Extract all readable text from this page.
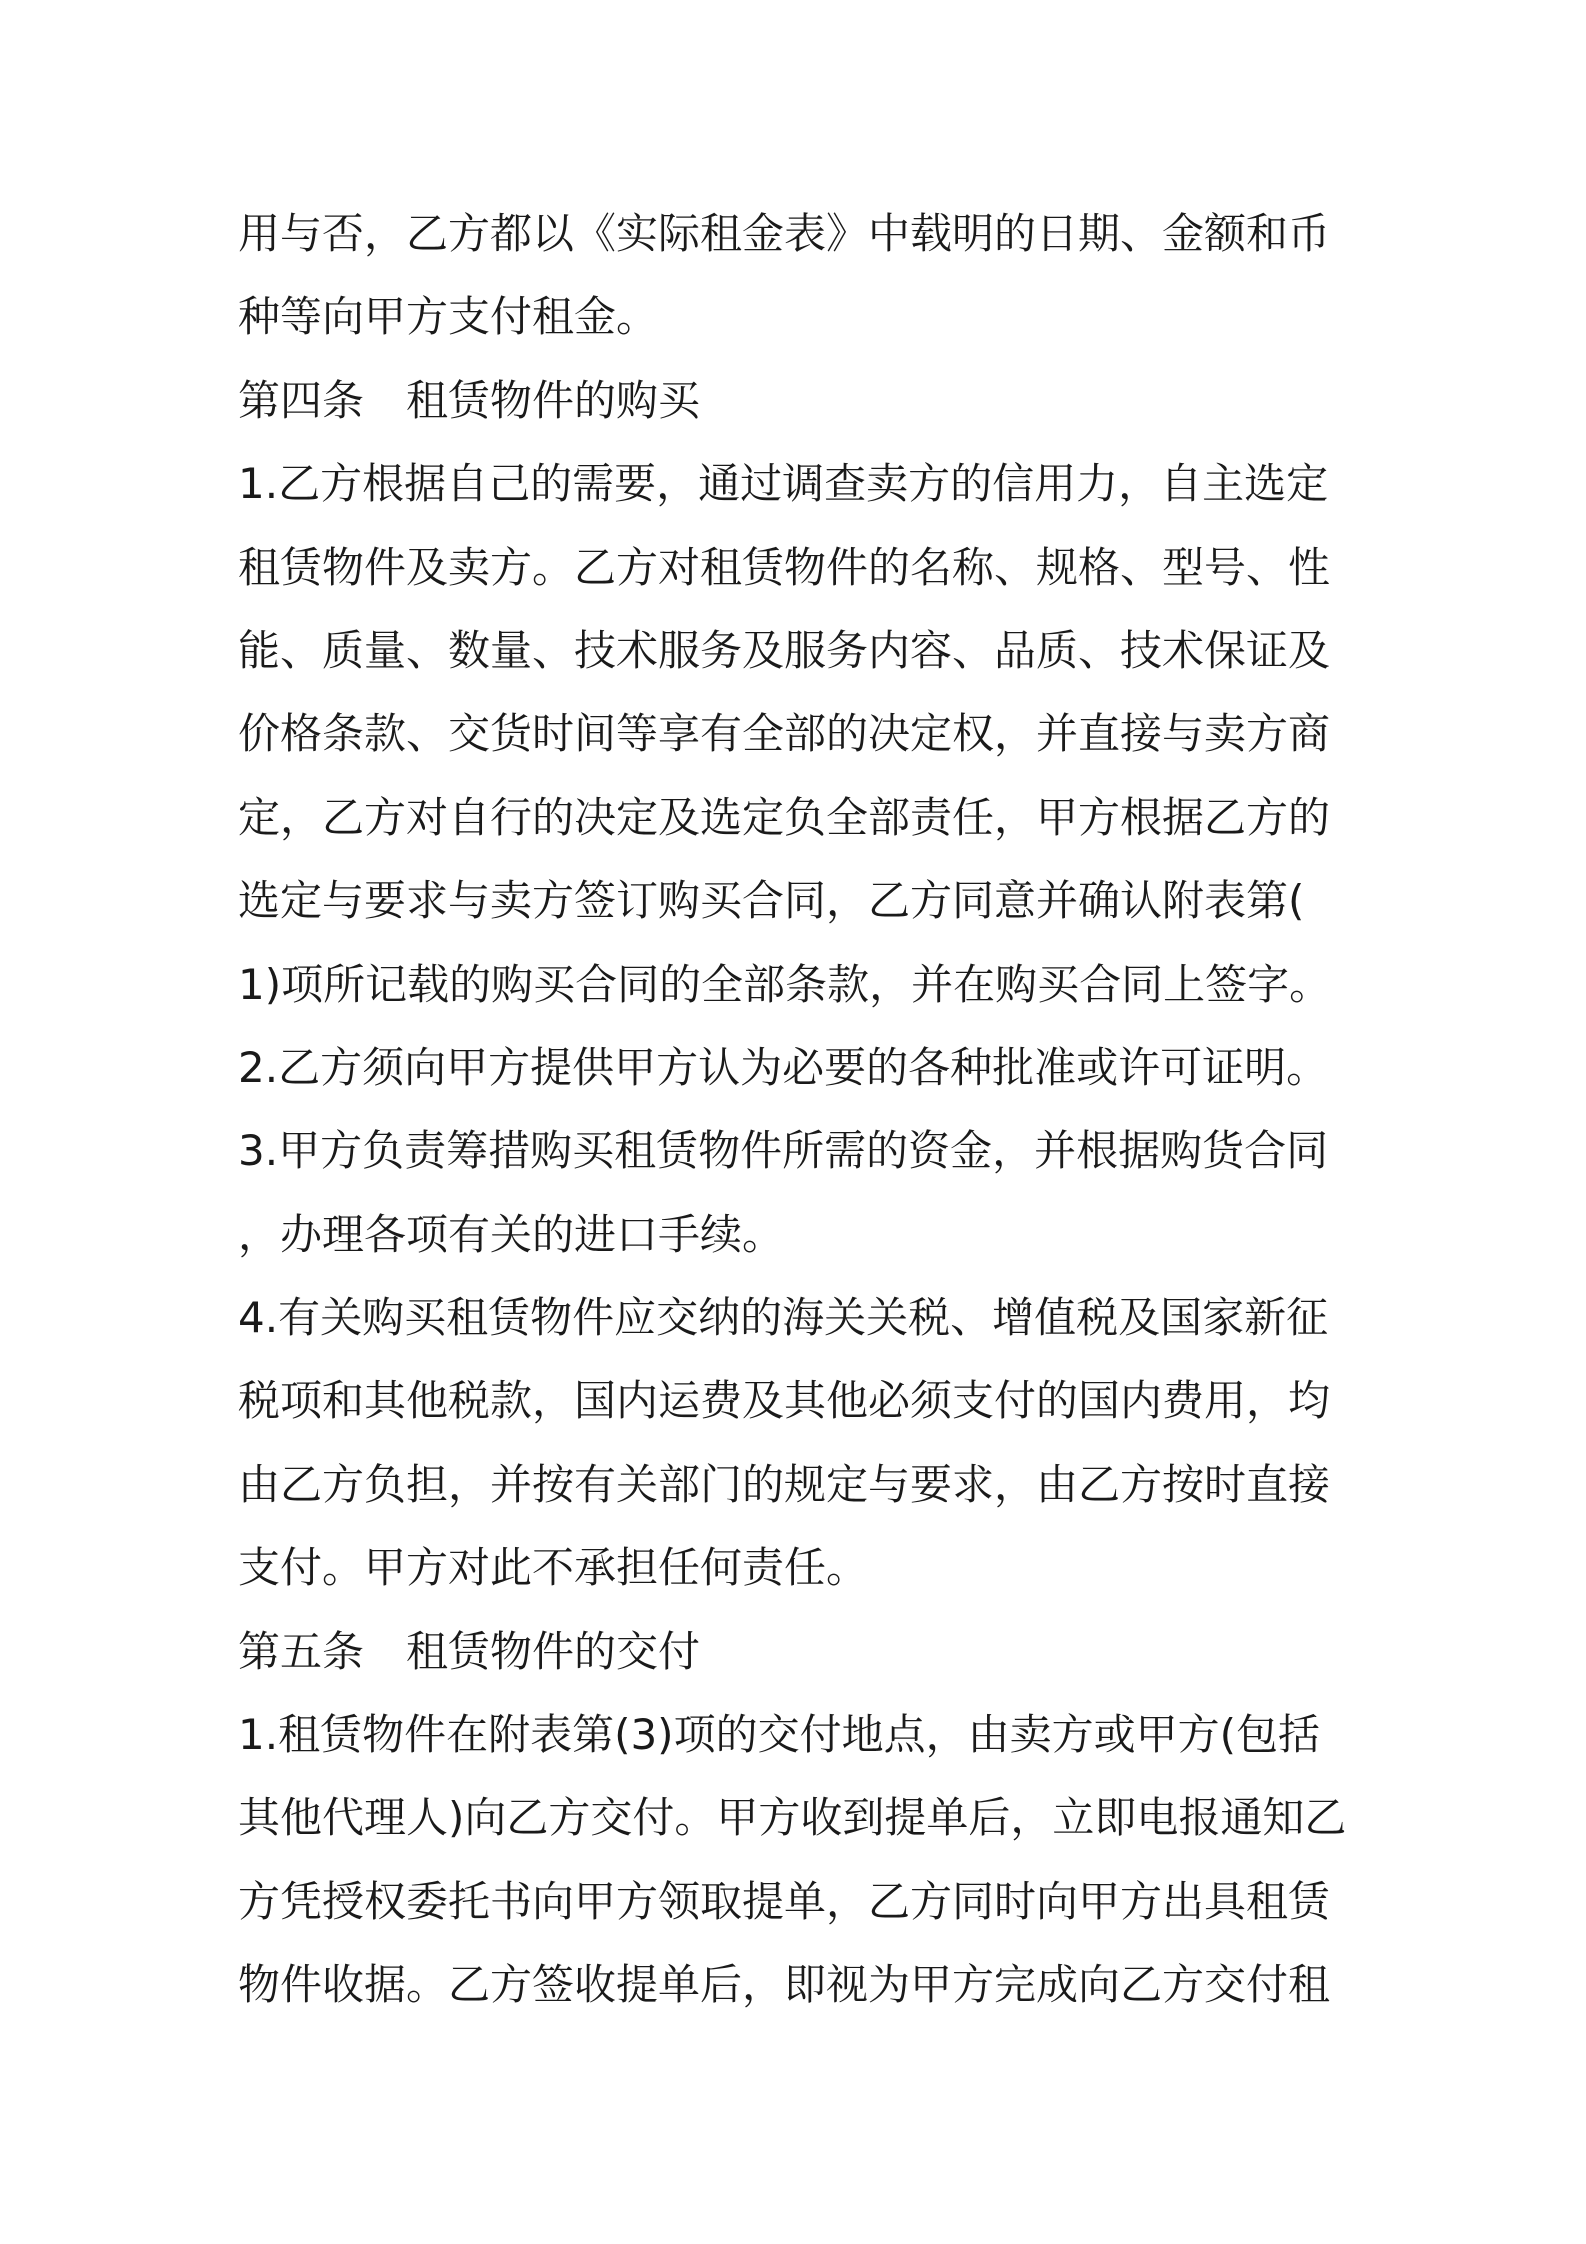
用与否，乙方都以《实际租金表》中载明的日期、金额和币
种等向甲方支付租金。
第四条　租赁物件的购买
1.乙方根据自己的需要，通过调查卖方的信用力，自主选定
租赁物件及卖方。乙方对租赁物件的名称、规格、型号、性
能、质量、数量、技术服务及服务内容、品质、技术保证及
价格条款、交货时间等享有全部的决定权，并直接与卖方商
定，乙方对自行的决定及选定负全部责任，甲方根据乙方的
选定与要求与卖方签订购买合同，乙方同意并确认附表第(
1)项所记载的购买合同的全部条款，并在购买合同上签字。
2.乙方须向甲方提供甲方认为必要的各种批准或许可证明。
3.甲方负责筹措购买租赁物件所需的资金，并根据购货合同
，办理各项有关的进口手续。
4.有关购买租赁物件应交纳的海关关税、增值税及国家新征
税项和其他税款，国内运费及其他必须支付的国内费用，均
由乙方负担，并按有关部门的规定与要求，由乙方按时直接
支付。甲方对此不承担任何责任。
第五条　租赁物件的交付
1.租赁物件在附表第(3)项的交付地点，由卖方或甲方(包括
其他代理人)向乙方交付。甲方收到提单后，立即电报通知乙
方凭授权委托书向甲方领取提单，乙方同时向甲方出具租赁
物件收据。乙方签收提单后，即视为甲方完成向乙方交付租
